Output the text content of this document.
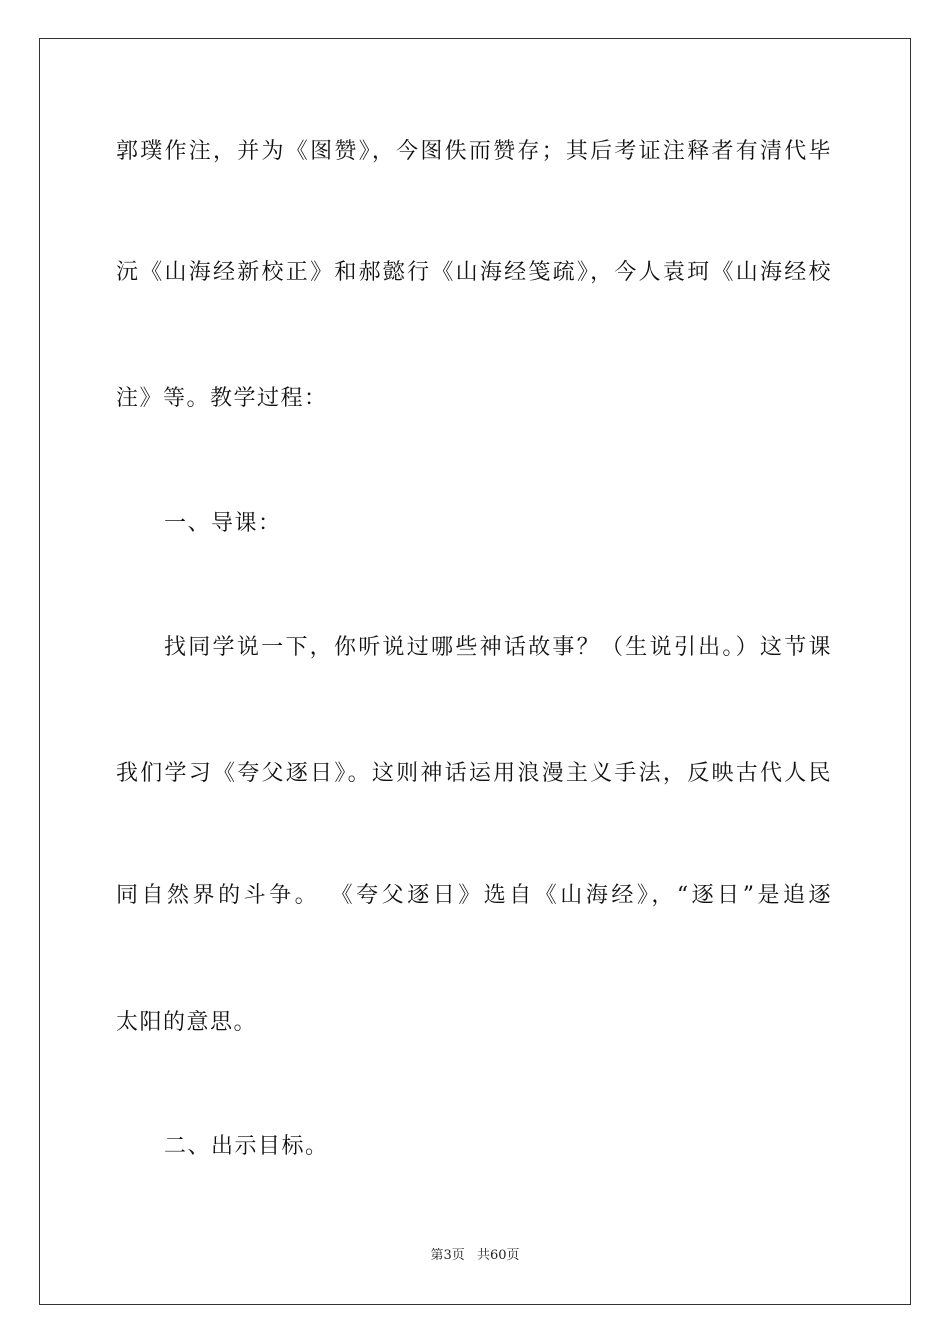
郭璞作注，并为《图赞》，今图佚而赞存；其后考证注释者有清代毕
沅《山海经新校正》和郝懿行《山海经笺疏》，今人袁珂《山海经校
注》等。教学过程：
一、导课：
找同学说一下，你听说过哪些神话故事？（生说引出。）这节课
我们学习《夸父逐日》。这则神话运用浪漫主义手法，反映古代人民
同自然界的斗争。 《夸父逐日》选自《山海经》，“逐日”是追逐
太阳的意思。
二、出示目标。
第3页 共60页
